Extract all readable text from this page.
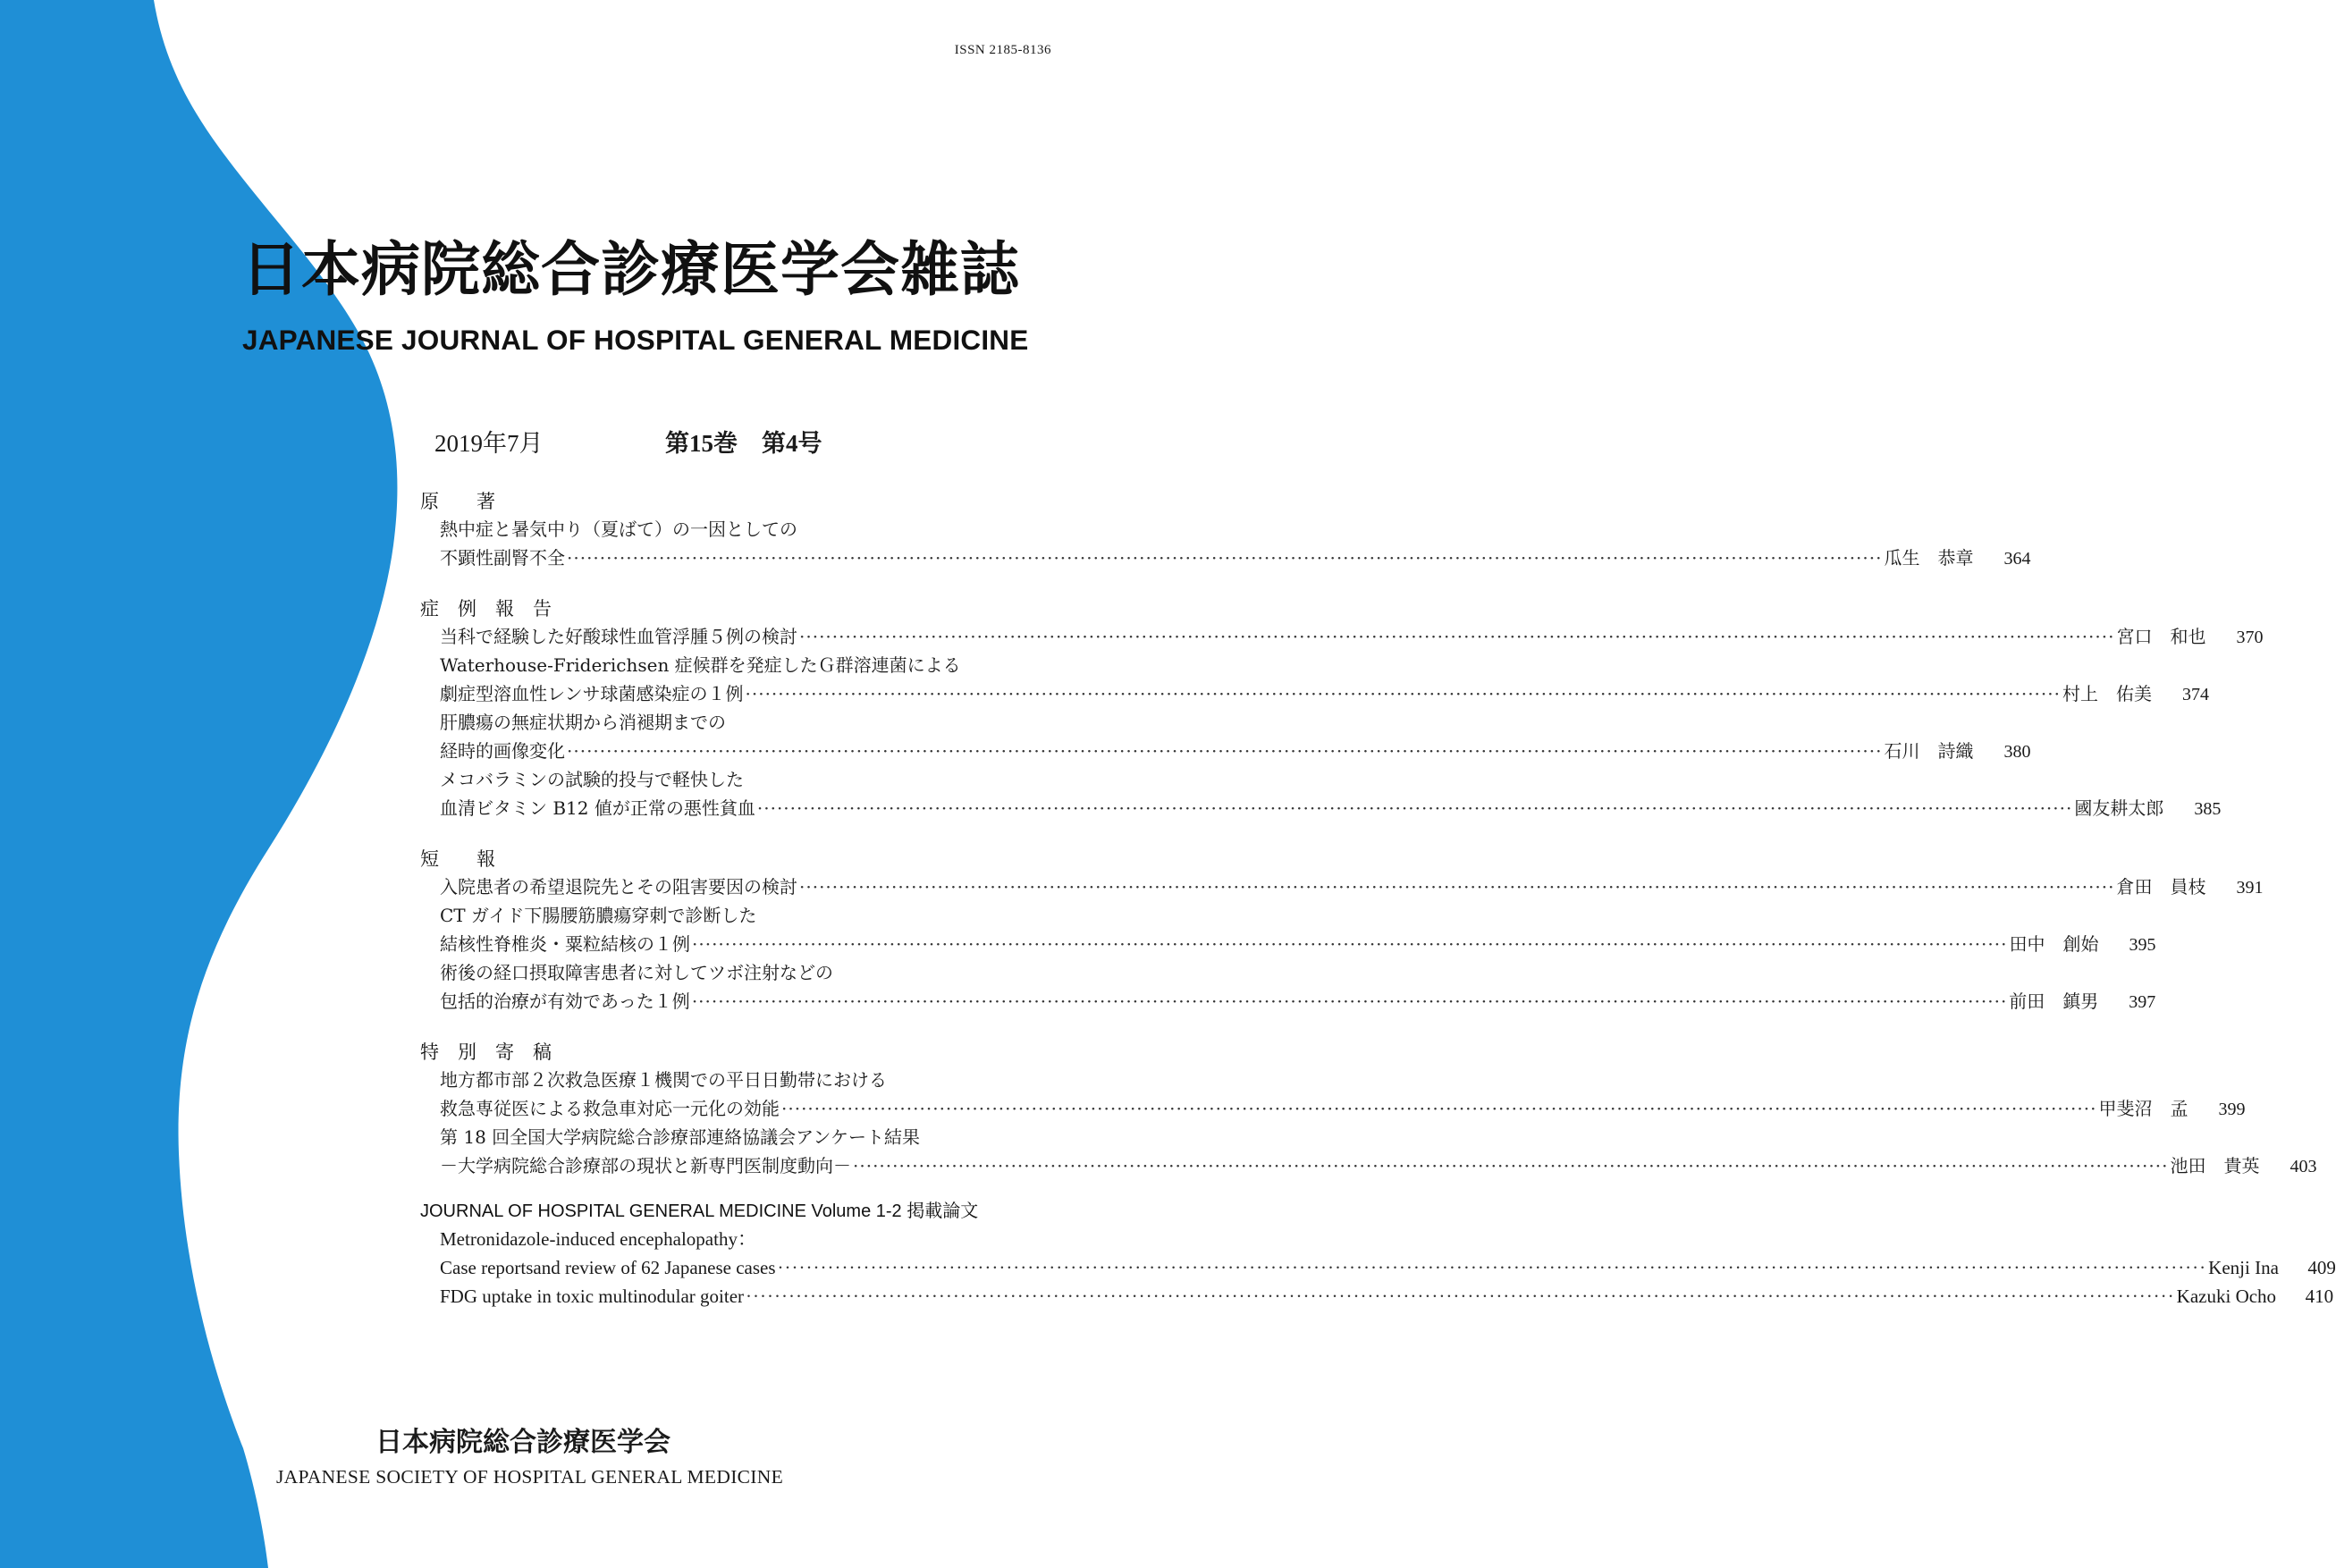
ISSN 2185-8136
日本病院総合診療医学会雑誌
JAPANESE JOURNAL OF HOSPITAL GENERAL MEDICINE
2019年7月	第15巻　第4号
原　　著
熱中症と暑気中り（夏ばて）の一因としての
不顕性副腎不全 ········································································································································································································ 瓜生　恭章	364
症　例　報　告
当科で経験した好酸球性血管浮腫５例の検討 ········································································································································································································ 宮口　和也	370
Waterhouse-Friderichsen 症候群を発症したＧ群溶連菌による
劇症型溶血性レンサ球菌感染症の１例 ········································································································································································································ 村上　佑美	374
肝膿瘍の無症状期から消褪期までの
経時的画像変化 ········································································································································································································ 石川　詩織	380
メコバラミンの試験的投与で軽快した
血清ビタミン B12 値が正常の悪性貧血 ········································································································································································································ 國友耕太郎	385
短　　報
入院患者の希望退院先とその阻害要因の検討 ········································································································································································································ 倉田　員枝	391
CT ガイド下腸腰筋膿瘍穿刺で診断した
結核性脊椎炎・粟粒結核の１例 ········································································································································································································ 田中　創始	395
術後の経口摂取障害患者に対してツボ注射などの
包括的治療が有効であった１例 ········································································································································································································ 前田　鎮男	397
特　別　寄　稿
地方都市部２次救急医療１機関での平日日勤帯における
救急専従医による救急車対応一元化の効能 ········································································································································································································ 甲斐沼　孟	399
第 18 回全国大学病院総合診療部連絡協議会アンケート結果
－大学病院総合診療部の現状と新専門医制度動向－ ········································································································································································································ 池田　貴英	403
JOURNAL OF HOSPITAL GENERAL MEDICINE Volume 1-2 掲載論文
Metronidazole-induced encephalopathy：
Case reportsand review of 62 Japanese cases ········································································································································································································ Kenji Ina	409
FDG uptake in toxic multinodular goiter ········································································································································································································ Kazuki Ocho	410
日本病院総合診療医学会
JAPANESE SOCIETY OF HOSPITAL GENERAL MEDICINE
